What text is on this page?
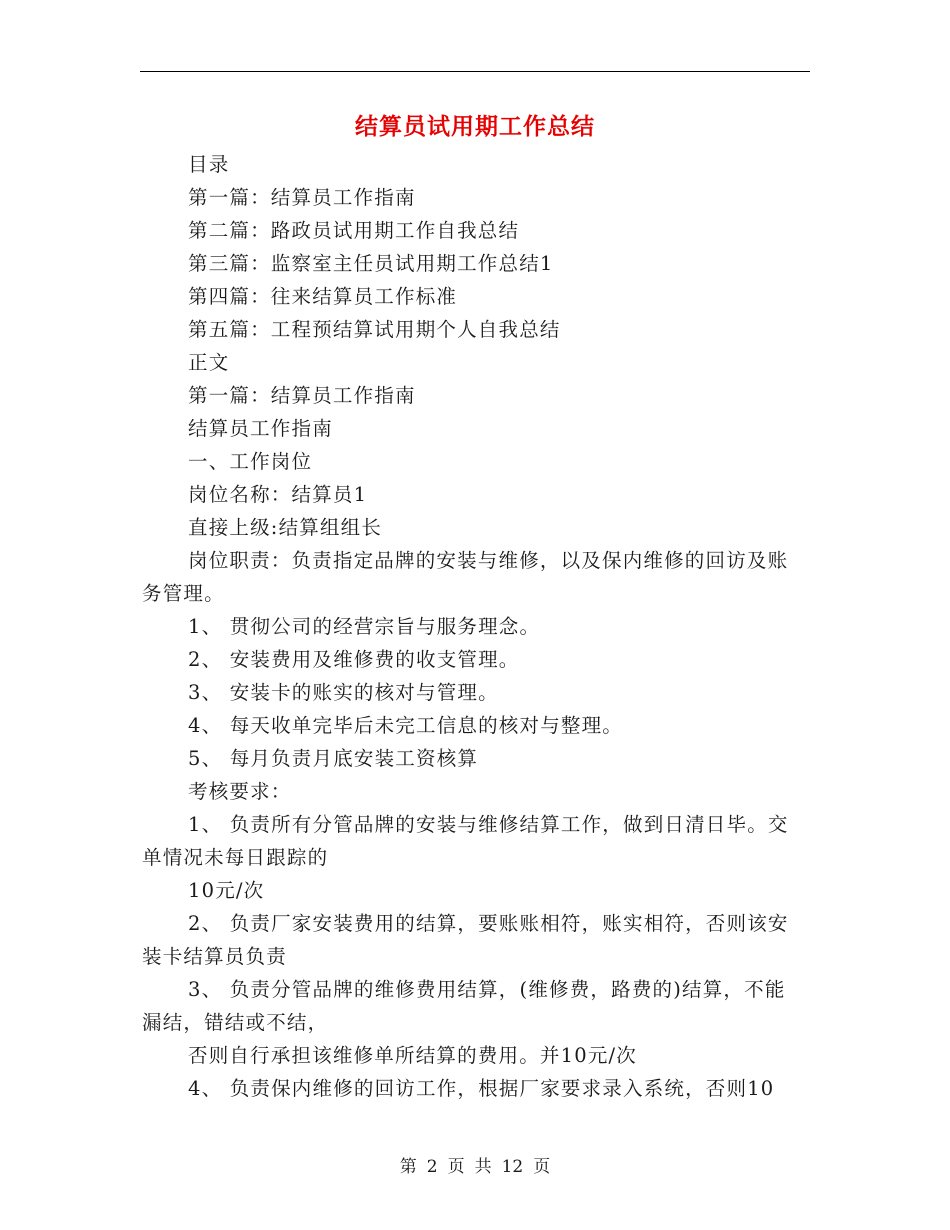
结算员试用期工作总结

目录

第一篇：结算员工作指南

第二篇：路政员试用期工作自我总结

第三篇：监察室主任员试用期工作总结1

第四篇：往来结算员工作标准

第五篇：工程预结算试用期个人自我总结

正文

第一篇：结算员工作指南

结算员工作指南

一、工作岗位

岗位名称：结算员1

直接上级:结算组组长

岗位职责：负责指定品牌的安装与维修，以及保内维修的回访及账务管理。

1、 贯彻公司的经营宗旨与服务理念。

2、 安装费用及维修费的收支管理。

3、 安装卡的账实的核对与管理。

4、 每天收单完毕后未完工信息的核对与整理。

5、 每月负责月底安装工资核算

考核要求：

1、 负责所有分管品牌的安装与维修结算工作，做到日清日毕。交单情况未每日跟踪的

10元/次

2、 负责厂家安装费用的结算，要账账相符，账实相符，否则该安装卡结算员负责

3、 负责分管品牌的维修费用结算，(维修费，路费的)结算，不能漏结，错结或不结，

否则自行承担该维修单所结算的费用。并10元/次

4、 负责保内维修的回访工作，根据厂家要求录入系统，否则10

第 2 页 共 12 页
